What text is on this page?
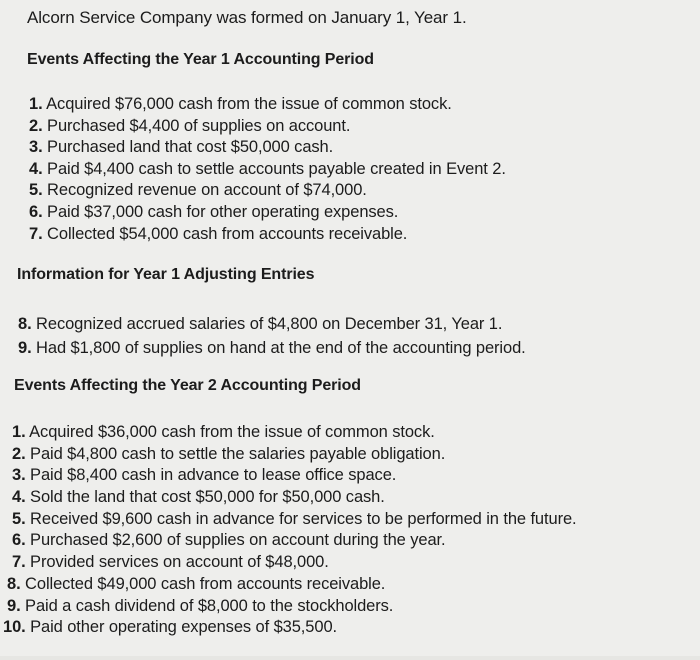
Alcorn Service Company was formed on January 1, Year 1.
Events Affecting the Year 1 Accounting Period
1. Acquired $76,000 cash from the issue of common stock.
2. Purchased $4,400 of supplies on account.
3. Purchased land that cost $50,000 cash.
4. Paid $4,400 cash to settle accounts payable created in Event 2.
5. Recognized revenue on account of $74,000.
6. Paid $37,000 cash for other operating expenses.
7. Collected $54,000 cash from accounts receivable.
Information for Year 1 Adjusting Entries
8. Recognized accrued salaries of $4,800 on December 31, Year 1.
9. Had $1,800 of supplies on hand at the end of the accounting period.
Events Affecting the Year 2 Accounting Period
1. Acquired $36,000 cash from the issue of common stock.
2. Paid $4,800 cash to settle the salaries payable obligation.
3. Paid $8,400 cash in advance to lease office space.
4. Sold the land that cost $50,000 for $50,000 cash.
5. Received $9,600 cash in advance for services to be performed in the future.
6. Purchased $2,600 of supplies on account during the year.
7. Provided services on account of $48,000.
8. Collected $49,000 cash from accounts receivable.
9. Paid a cash dividend of $8,000 to the stockholders.
10. Paid other operating expenses of $35,500.
